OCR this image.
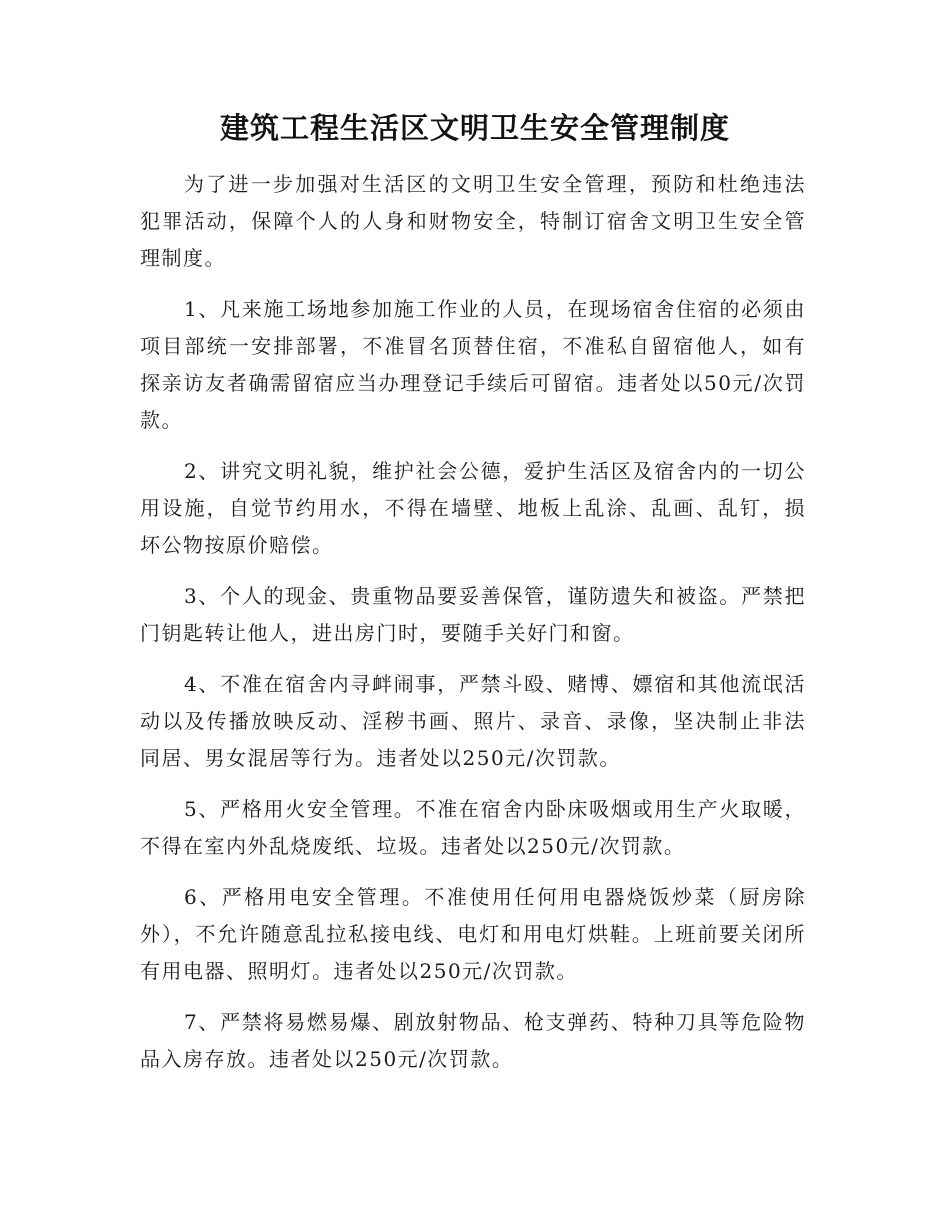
建筑工程生活区文明卫生安全管理制度

为了进一步加强对生活区的文明卫生安全管理，预防和杜绝违法犯罪活动，保障个人的人身和财物安全，特制订宿舍文明卫生安全管理制度。

1、凡来施工场地参加施工作业的人员，在现场宿舍住宿的必须由项目部统一安排部署，不准冒名顶替住宿，不准私自留宿他人，如有探亲访友者确需留宿应当办理登记手续后可留宿。违者处以50元/次罚款。

2、讲究文明礼貌，维护社会公德，爱护生活区及宿舍内的一切公用设施，自觉节约用水，不得在墙壁、地板上乱涂、乱画、乱钉，损坏公物按原价赔偿。

3、个人的现金、贵重物品要妥善保管，谨防遗失和被盗。严禁把门钥匙转让他人，进出房门时，要随手关好门和窗。

4、不准在宿舍内寻衅闹事，严禁斗殴、赌博、嫖宿和其他流氓活动以及传播放映反动、淫秽书画、照片、录音、录像，坚决制止非法同居、男女混居等行为。违者处以250元/次罚款。

5、严格用火安全管理。不准在宿舍内卧床吸烟或用生产火取暖，不得在室内外乱烧废纸、垃圾。违者处以250元/次罚款。

6、严格用电安全管理。不准使用任何用电器烧饭炒菜（厨房除外），不允许随意乱拉私接电线、电灯和用电灯烘鞋。上班前要关闭所有用电器、照明灯。违者处以250元/次罚款。

7、严禁将易燃易爆、剧放射物品、枪支弹药、特种刀具等危险物品入房存放。违者处以250元/次罚款。
